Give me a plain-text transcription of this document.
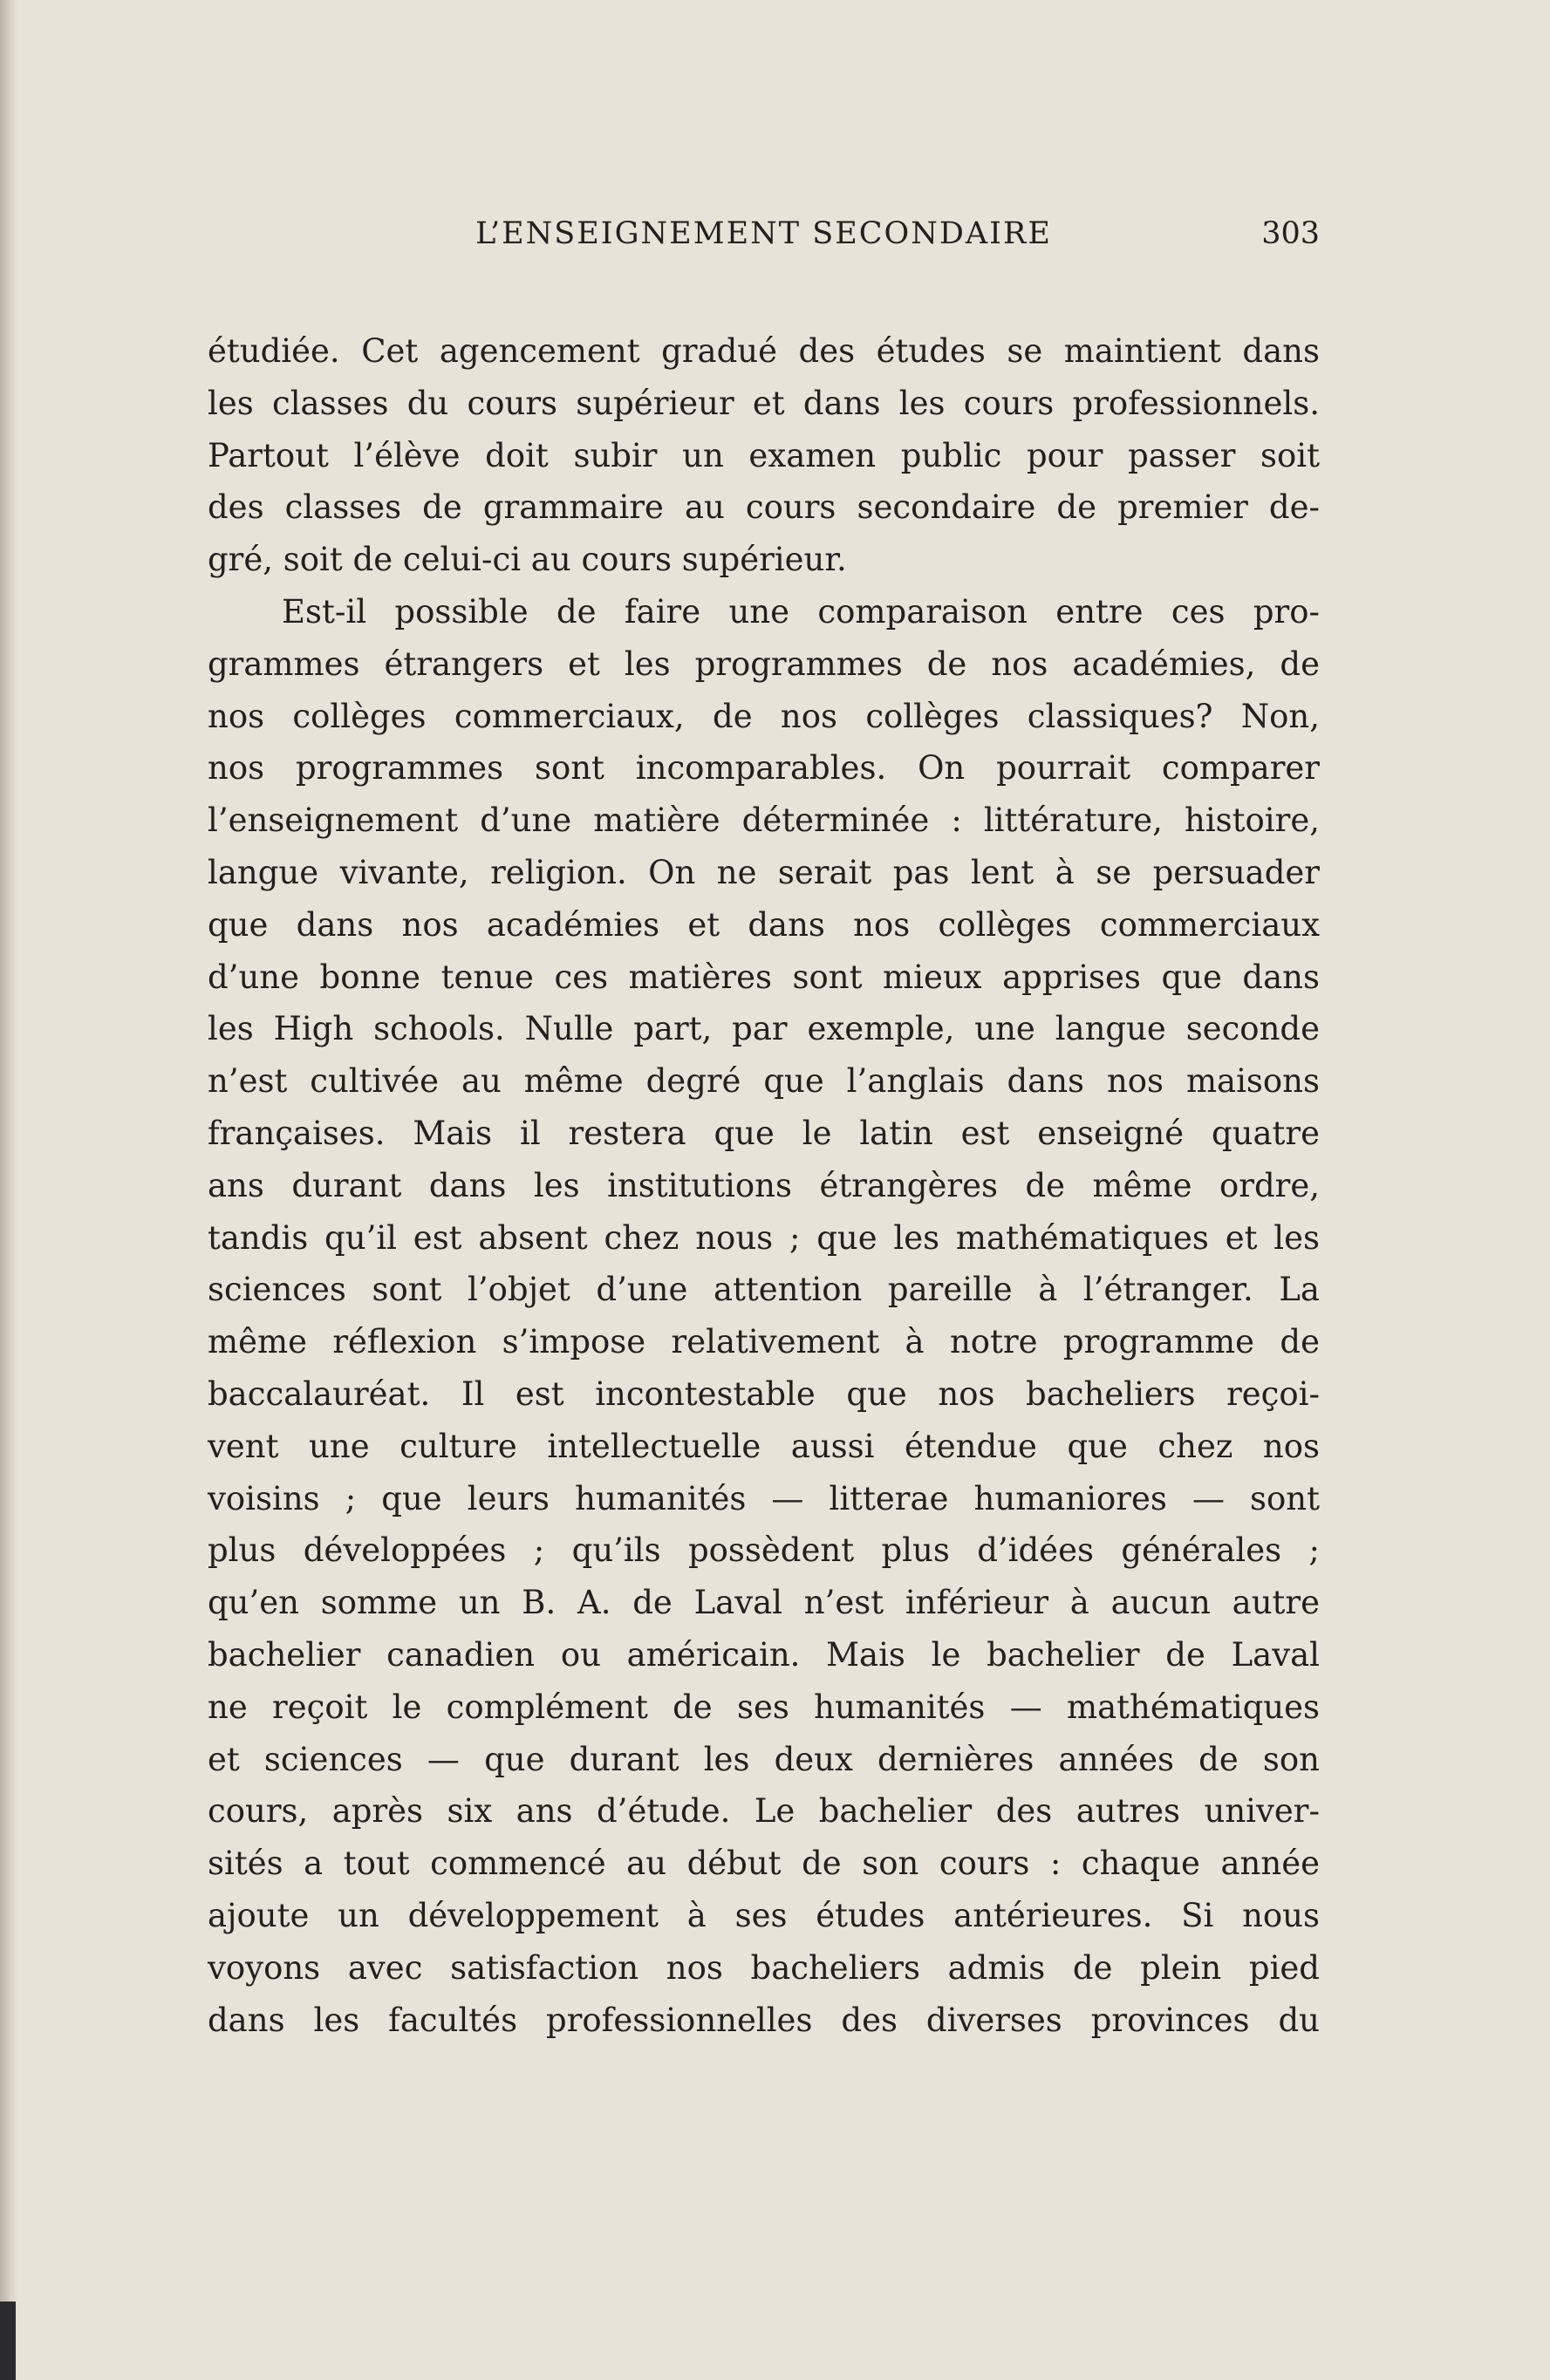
L’ENSEIGNEMENT SECONDAIRE	303
étudiée. Cet agencement gradué des études se maintient dans
les classes du cours supérieur et dans les cours professionnels.
Partout l’élève doit subir un examen public pour passer soit
des classes de grammaire au cours secondaire de premier de-
gré, soit de celui-ci au cours supérieur.
Est-il possible de faire une comparaison entre ces pro-
grammes étrangers et les programmes de nos académies, de
nos collèges commerciaux, de nos collèges classiques? Non,
nos programmes sont incomparables. On pourrait comparer
l’enseignement d’une matière déterminée : littérature, histoire,
langue vivante, religion. On ne serait pas lent à se persuader
que dans nos académies et dans nos collèges commerciaux
d’une bonne tenue ces matières sont mieux apprises que dans
les High schools. Nulle part, par exemple, une langue seconde
n’est cultivée au même degré que l’anglais dans nos maisons
françaises. Mais il restera que le latin est enseigné quatre
ans durant dans les institutions étrangères de même ordre,
tandis qu’il est absent chez nous ; que les mathématiques et les
sciences sont l’objet d’une attention pareille à l’étranger. La
même réflexion s’impose relativement à notre programme de
baccalauréat. Il est incontestable que nos bacheliers reçoi-
vent une culture intellectuelle aussi étendue que chez nos
voisins ; que leurs humanités — litterae humaniores — sont
plus développées ; qu’ils possèdent plus d’idées générales ;
qu’en somme un B. A. de Laval n’est inférieur à aucun autre
bachelier canadien ou américain. Mais le bachelier de Laval
ne reçoit le complément de ses humanités — mathématiques
et sciences — que durant les deux dernières années de son
cours, après six ans d’étude. Le bachelier des autres univer-
sités a tout commencé au début de son cours : chaque année
ajoute un développement à ses études antérieures. Si nous
voyons avec satisfaction nos bacheliers admis de plein pied
dans les facultés professionnelles des diverses provinces du
